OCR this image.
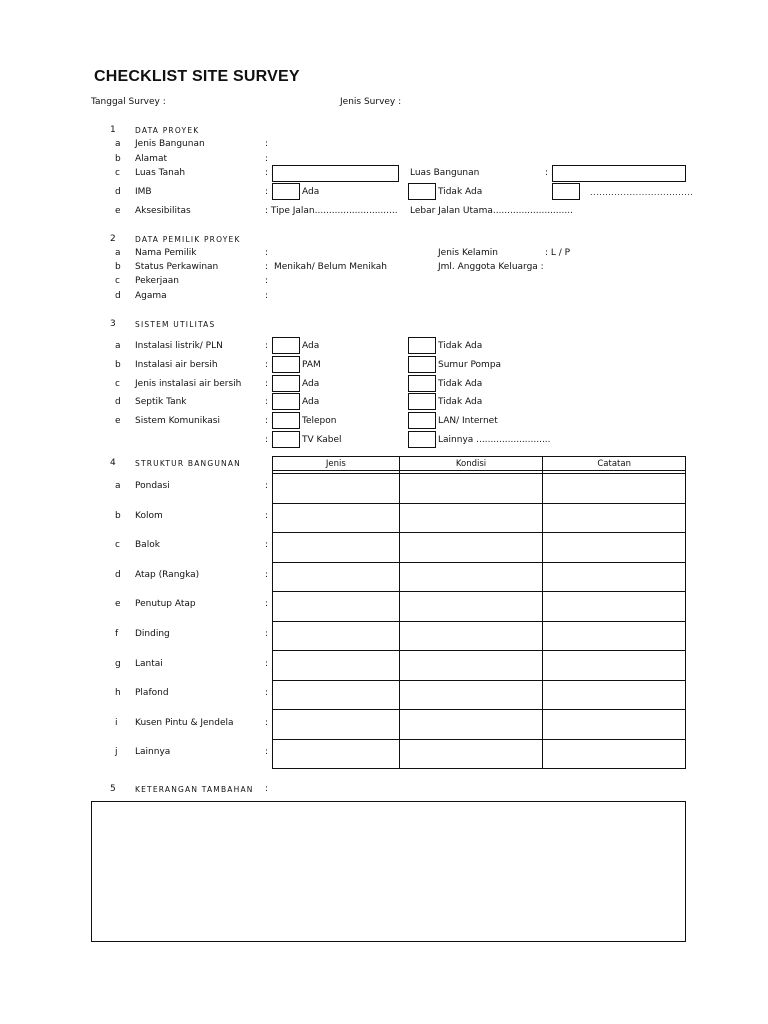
CHECKLIST SITE SURVEY
Tanggal Survey :	Jenis Survey :
1	DATA PROYEK
a Jenis Bangunan	:
b Alamat	:
c Luas Tanah	:	Luas Bangunan	:
d IMB	:	Ada	Tidak Ada	..................................
e Aksesibilitas	: Tipe Jalan............................. Lebar Jalan Utama............................
2	DATA PEMILIK PROYEK
a Nama Pemilik	:	Jenis Kelamin	: L / P
b Status Perkawinan	: Menikah/ Belum Menikah	Jml. Anggota Keluarga :
c Pekerjaan	:
d Agama	:
3	SISTEM UTILITAS
a Instalasi listrik/ PLN	:	Ada	Tidak Ada
b Instalasi air bersih	:	PAM	Sumur Pompa
c Jenis instalasi air bersih	:	Ada	Tidak Ada
d Septik Tank	:	Ada	Tidak Ada
e Sistem Komunikasi	:	Telepon	LAN/ Internet
:	TV Kabel	Lainnya ..........................
4	STRUKTUR BANGUNAN	Jenis	Kondisi	Catatan

a Pondasi	:
b Kolom	:
c Balok	:
d Atap (Rangka)	:
e Penutup Atap	:
f Dinding	:
g Lantai	:
h Plafond	:
i Kusen Pintu & Jendela	:
j Lainnya	:
5	KETERANGAN TAMBAHAN :
